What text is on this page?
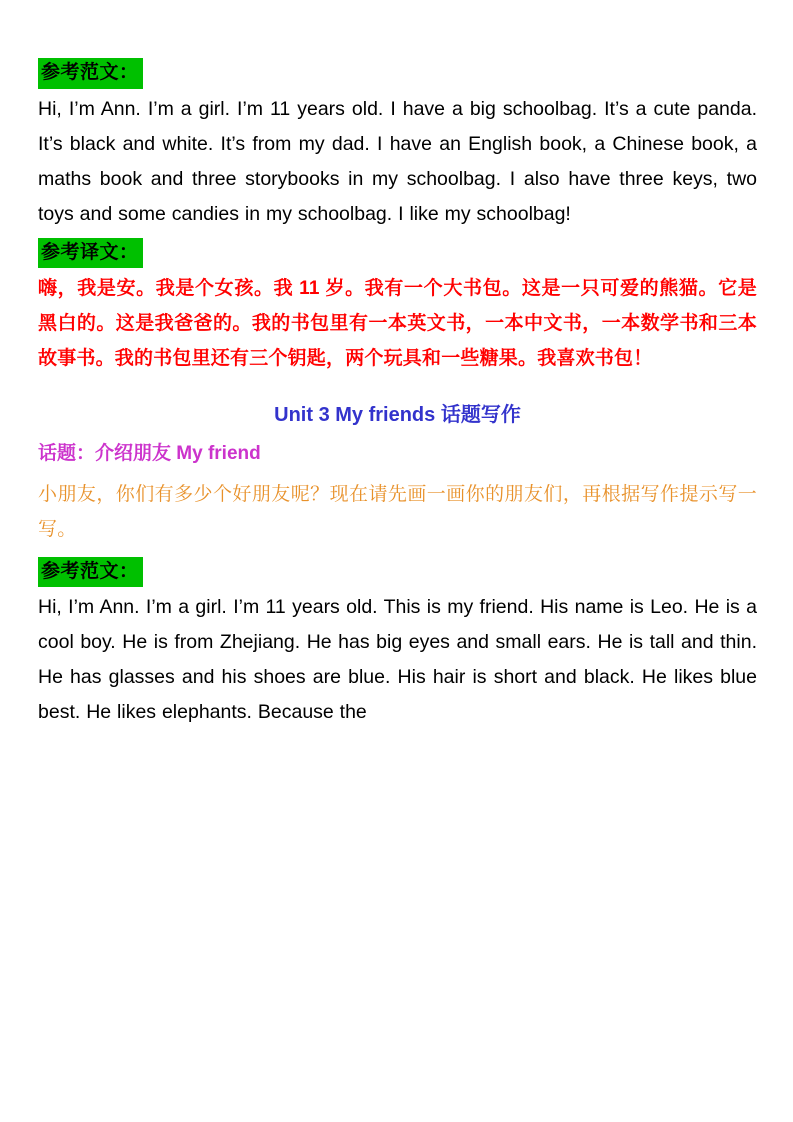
参考范文：

Hi, I’m Ann. I’m a girl. I’m 11 years old. I have a big schoolbag. It’s a cute panda. It’s black and white. It’s from my dad. I have an English book, a Chinese book, a maths book and three storybooks in my schoolbag. I also have three keys, two toys and some candies in my schoolbag. I like my schoolbag!

参考译文：

嗨，我是安。我是个女孩。我 11 岁。我有一个大书包。这是一只可爱的熊猫。它是黑白的。这是我爸爸的。我的书包里有一本英文书，一本中文书，一本数学书和三本故事书。我的书包里还有三个钥匙，两个玩具和一些糖果。我喜欢书包！

Unit 3 My friends 话题写作

话题：介绍朋友 My friend

小朋友，你们有多少个好朋友呢？现在请先画一画你的朋友们，再根据写作提示写一写。

参考范文：

Hi, I’m Ann. I’m a girl. I’m 11 years old. This is my friend. His name is Leo. He is a cool boy. He is from Zhejiang. He has big eyes and small ears. He is tall and thin. He has glasses and his shoes are blue. His hair is short and black. He likes blue best. He likes elephants. Because the
